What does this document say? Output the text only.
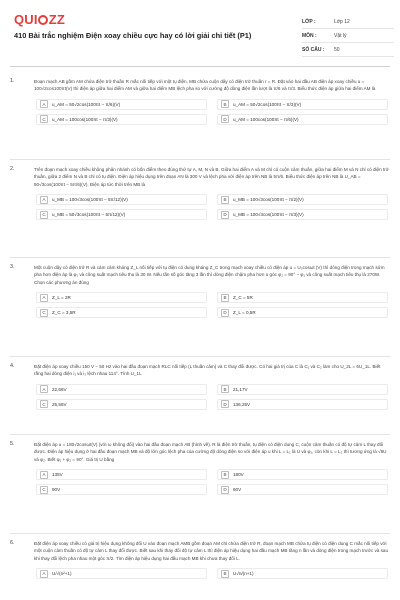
QUI ZZ
410 Bài trắc nghiệm Điện xoay chiều cực hay có lời giải chi tiết (P1)
LỚP :	Lớp 12
MÔN :	Vật lý
SỐ CÂU :	50
1.	Đoạn mạch AB gồm AM chứa điện trở thuần R mắc nối tiếp với một tụ điện, MB chứa cuộn dây có điện trở thuần r = R. Đặt vào hai đầu AB điện áp xoay chiều u = 100√2cos100πt(V) thì điện áp giữa hai điểm AM và giữa hai điểm MB lệch pha so với cường độ dòng điện lần lượt là π/6 và π/3. Biểu thức điện áp giữa hai điểm AM là
A	u_AM = 50√2cos(100πt − π/6)(V)	B	u_AM = 50√2cos(100πt − π/3)(V)
C	u_AM = 100cos(100πt − π/3)(V)	D	u_AM = 100cos(100πt − π/6)(V)
2.	Trên đoạn mạch xoay chiều không phân nhánh có bốn điểm theo đúng thứ tự A, M, N và B. Giữa hai điểm A và M chỉ có cuộn cảm thuần, giữa hai điểm M và N chỉ có điện trở thuần, giữa 2 điểm N và B chỉ có tụ điện. Điện áp hiệu dụng trên đoạn AN là 300 V và lệch pha với điện áp trên NB là 5π/6. Biểu thức điện áp trên NB là U_AB = 50√3cos(100πt − 5π/6)(V). Điện áp tức thời trên MB là
A	u_MB = 100√3cos(100πt − 5π/12)(V)	B	u_MB = 100√3cos(100πt − π/2)(V)
C	u_MB = 50√3cos(100πt − 5π/12)(V)	D	u_MB = 100√3cos(100πt − π/3)(V)
3.	Một cuộn dây có điện trở R và cảm cảm kháng Z_L nối tiếp với tụ điện có dung kháng Z_C trong mạch xoay chiều có điện áp u = U₀cosωt (V) thì dòng điện trong mạch sớm pha hơn điện áp là φ₁ và công suất mạch tiêu thụ là 30 W. Nếu tần số góc tăng 3 lần thì dòng điện chậm pha hơn u góc φ₂ = 90° − φ₁ và công suất mạch tiêu thụ là 270W. Chọn các phương án đúng
A	Z_L = 2R	B	Z_C = 5R
C	Z_C = 3,5R	D	Z_L = 0,5R
4.	Đặt điện áp xoay chiều 150 V − 50 Hz vào hai đầu đoạn mạch RLC nối tiếp (L thuần cảm) và C thay đổi được. Có hai giá trị của C là C₁ và C₂ làm cho U_2L = 6U_1L. Biết rằng hai dòng điện i₁ và i₂ lệch nhau 114°. Tính U_1L
A	22,66V	B	21,17V
C	25,56V	D	136,25V
5.	Đặt điện áp u = 180√2cosωt(V) (với ω không đổi) vào hai đầu đoạn mạch AB (hình vẽ). R là điện trở thuần, tụ điện có điện dung C, cuộn cảm thuần có độ tự cảm L thay đổi được. Điện áp hiệu dụng ở hai đầu đoạn mạch MB và độ lớn góc lệch pha của cường độ dòng điện so với điện áp u khi L = L₁ là U và φ₁, còn khi L = L₂ thì tương ứng là √8U và φ₂. Biết φ₁ + φ₂ = 90°. Giá trị U bằng
A	135V	B	180V
C	90V	D	60V
6.	Đặt điện áp xoay chiều có giá trị hiệu dụng không đổi U vào đoạn mạch AMB gồm đoạn AM chỉ chứa điện trở R, đoạn mạch MB chứa tụ điện có điện dung C mắc nối tiếp với một cuộn cảm thuần có độ tự cảm L thay đổi được. Biết sau khi thay đổi độ tự cảm L thì điện áp hiệu dụng hai đầu mạch MB tăng n lần và dòng điện trong mạch trước và sau khi thay đổi lệch pha nhau một góc π/2. Tìm điện áp hiệu dụng hai đầu mạch MB khi chưa thay đổi L.
A	U/√(n²+1)	B	U√n/(n+1)
